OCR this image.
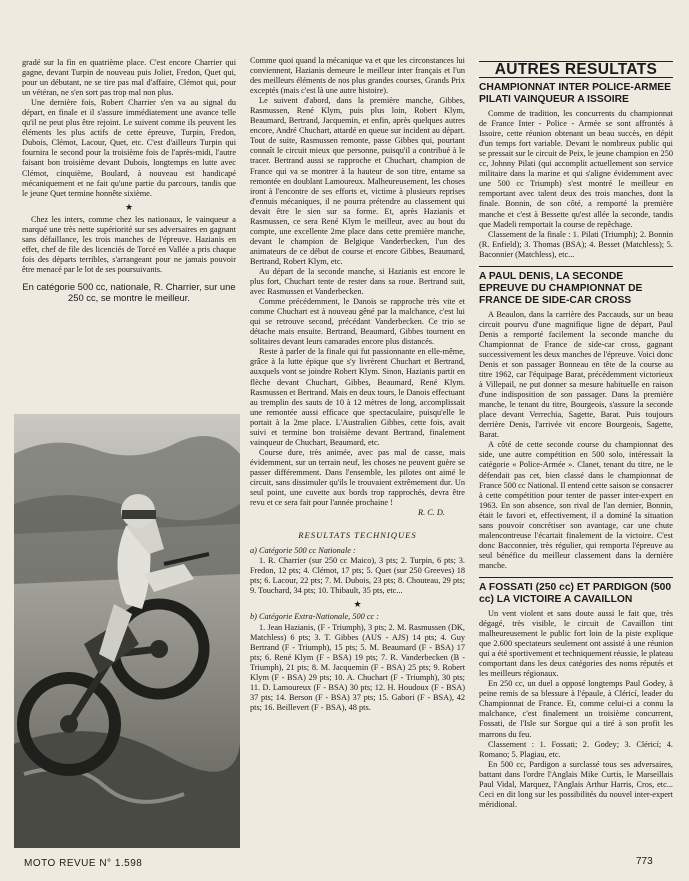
gradé sur la fin en quatrième place. C'est encore Charrier qui gagne, devant Turpin de nouveau puis Joliet, Fredon, Quet qui, pour un débutant, ne se tire pas mal d'affaire, Clémot qui, pour un vétéran, ne s'en sort pas trop mal non plus.

Une dernière fois, Robert Charrier s'en va au signal du départ, en finale et il s'assure immédiatement une avance telle qu'il ne peut plus être rejoint. Le suivent comme ils peuvent les éléments les plus actifs de cette épreuve, Turpin, Fredon, Dubois, Clémot, Lacour, Quet, etc. C'est d'ailleurs Turpin qui fournira le second pour la troisième fois de l'après-midi, l'autre faisant bon troisième devant Dubois, longtemps en lutte avec Clémot, cinquième, Boulard, à nouveau est handicapé mécaniquement et ne fait qu'une partie du parcours, tandis que le jeune Quet termine honnête sixième.

★

Chez les inters, comme chez les nationaux, le vainqueur a marqué une très nette supériorité sur ses adversaires en gagnant sans défaillance, les trois manches de l'épreuve. Hazianis en effet, chef de file des licenciés de Torcé en Vallée a pris chaque fois des départs terribles, s'arrangeant pour ne jamais pouvoir être menacé par le lot de ses poursuivants.

En catégorie 500 cc, nationale, R. Charrier, sur une 250 cc, se montre le meilleur.

Comme quoi quand la mécanique va et que les circonstances lui conviennent, Hazianis demeure le meilleur inter français et l'un des meilleurs éléments de nos plus grandes courses, Grands Prix exceptés (mais c'est là une autre histoire).

Le suivent d'abord, dans la première manche, Gibbes, Rasmussen, René Klym, puis plus loin, Robert Klym, Beaumard, Bertrand, Jacquemin, et enfin, après quelques autres encore, André Chuchart, attardé en queue sur incident au départ. Tout de suite, Rasmussen remonte, passe Gibbes qui, pourtant connaît le circuit mieux que personne, puisqu'il a contribué à le tracer. Bertrand aussi se rapproche et Chuchart, champion de France qui va se montrer à la hauteur de son titre, entame sa remontée en doublant Lamoureux. Malheureusement, les choses iront à l'encontre de ses efforts et, victime à plusieurs reprises d'ennuis mécaniques, il ne pourra prétendre au classement qui devait être le sien sur sa forme. Et, après Hazianis et Rasmussen, ce sera René Klym le meilleur, avec au bout du compte, une excellente 2me place dans cette première manche, devant le champion de Belgique Vanderbecken, l'un des animateurs de ce début de course et encore Gibbes, Beaumard, Bertrand, Robert Klym, etc.

Au départ de la seconde manche, si Hazianis est encore le plus fort, Chuchart tente de rester dans sa roue. Bertrand suit, avec Rasmussen et Vanderbecken.

Comme précédemment, le Danois se rapproche très vite et comme Chuchart est à nouveau gêné par la malchance, c'est lui qui se retrouve second, précédant Vanderbecken. Ce trio se détache mais ensuite. Bertrand, Beaumard, Gibbes tournent en solitaires devant leurs camarades encore plus distancés.

Reste à parler de la finale qui fut passionnante en elle-même, grâce à la lutte épique que s'y livrèrent Chuchart et Bertrand, auxquels vont se joindre Robert Klym. Sinon, Hazianis partit en flèche devant Chuchart, Gibbes, Beaumard, René Klym. Rasmussen et Bertrand. Mais en deux tours, le Danois effectuant au tremplin des sauts de 10 à 12 mètres de long, accomplissait une remontée aussi efficace que spectaculaire, puisqu'elle le portait à la 2me place. L'Australien Gibbes, cette fois, avait suivi et termine bon troisième devant Bertrand, finalement vainqueur de Chuchart, Beaumard, etc.

Course dure, très animée, avec pas mal de casse, mais évidemment, sur un terrain neuf, les choses ne peuvent guère se passer différemment. Dans l'ensemble, les pilotes ont aimé le circuit, sans dissimuler qu'ils le trouvaient extrêmement dur. Un seul point, une cuvette aux bords trop rapprochés, devra être revu et ce sera fait pour l'année prochaine !

R. C. D.
RESULTATS TECHNIQUES

a) Catégorie 500 cc Nationale :

1. R. Charrier (sur 250 cc Maico), 3 pts; 2. Turpin, 6 pts; 3. Fredon, 12 pts; 4. Clémot, 17 pts; 5. Quet (sur 250 Greeves) 18 pts; 6. Lacour, 22 pts; 7. M. Dubois, 23 pts; 8. Chouteau, 29 pts; 9. Touchard, 34 pts; 10. Thibault, 35 pts, etc...

★

b) Catégorie Extra-Nationale, 500 cc :

1. Jean Hazianis, (F - Triumph), 3 pts; 2. M. Rasmussen (DK, Matchless) 6 pts; 3. T. Gibbes (AUS - AJS) 14 pts; 4. Guy Bertrand (F - Triumph), 15 pts; 5. M. Beaumard (F - BSA) 17 pts; 6. René Klym (F - BSA) 19 pts; 7. R. Vanderbecken (B - Triumph), 21 pts; 8. M. Jacquemin (F - BSA) 25 pts; 9. Robert Klym (F - BSA) 29 pts; 10. A. Chuchart (F - Triumph), 30 pts; 11. D. Lamoureux (F - BSA) 30 pts; 12. H. Houdoux (F - BSA) 37 pts; 14. Berson (F - BSA) 37 pts; 15. Gabori (F - BSA), 42 pts; 16. Beillevert (F - BSA), 48 pts.

AUTRES RESULTATS
CHAMPIONNAT INTER POLICE-ARMEE PILATI VAINQUEUR A ISSOIRE

Comme de tradition, les concurrents du championnat de France Inter - Police - Armée se sont affrontés à Issoire, cette réunion obtenant un beau succès, en dépit d'un temps fort variable. Devant le nombreux public qui se pressait sur le circuit de Peix, le jeune champion en 250 cc, Johnny Pilati (qui accomplit actuellement son service militaire dans la marine et qui s'aligne évidemment avec une 500 cc Triumph) s'est montré le meilleur en remportant avec talent deux des trois manches, dont la finale. Bonnin, de son côté, a remporté la première manche et c'est à Bessette qu'est allée la seconde, tandis que Madeli remportait la course de repêchage.

Classement de la finale : 1. Pilati (Triumph); 2. Bonnin (R. Enfield); 3. Thomas (BSA); 4. Besset (Matchless); 5. Baconnier (Matchless), etc...

A PAUL DENIS, LA SECONDE EPREUVE DU CHAMPIONNAT DE FRANCE DE SIDE-CAR CROSS

A Beaulon, dans la carrière des Paccauds, sur un beau circuit pourvu d'une magnifique ligne de départ, Paul Denis a remporté facilement la seconde manche du Championnat de France de side-car cross, gagnant successivement les deux manches de l'épreuve. Voici donc Denis et son passager Bonneau en tête de la course au titre 1962, car l'équipage Barat, précédemment victorieux à Villepail, ne put donner sa mesure habituelle en raison d'une indisposition de son passager. Dans la première manche, le tenant du titre, Bourgeois, s'assure la seconde place devant Verrechia, Sagette, Barat. Puis toujours derrière Denis, l'arrivée vit encore Bourgeois, Sagette, Barat.

A côté de cette seconde course du championnat des side, une autre compétition en 500 solo, intéressait la catégorie « Police-Armée ». Clanet, tenant du titre, ne le défendait pas cet, bien classé dans le championnat de France 500 cc National. Il entend cette saison se consacrer à cette compétition pour tenter de passer inter-expert en 1963. En son absence, son rival de l'an dernier, Bonnin, était le favori et, effectivement, il a dominé la situation sans pouvoir concrétiser son avantage, car une chute malencontreuse l'écartait finalement de la victoire. C'est donc Bacconnier, très régulier, qui remporta l'épreuve au seul bénéfice du meilleur classement dans la dernière manche.

A FOSSATI (250 cc) ET PARDIGON (500 cc) LA VICTOIRE A CAVAILLON

Un vent violent et sans doute aussi le fait que, très dégagé, très visible, le circuit de Cavaillon tint malheureusement le public fort loin de la piste explique que 2.600 spectateurs seulement ont assisté à une réunion qui a été sportivement et techniquement réussie, le plateau comportant dans les deux catégories des noms réputés et les meilleurs régionaux.

En 250 cc, un duel a opposé longtemps Paul Godey, à peine remis de sa blessure à l'épaule, à Cléricí, leader du Championnat de France. Et, comme celui-ci a connu la malchance, c'est finalement un troisième concurrent, Fossati, de l'Isle sur Sorgue qui a tiré à son profit les marrons du feu.

Classement : 1. Fossati; 2. Godey; 3. Cléricí; 4. Romano; 5. Plagiau, etc.

En 500 cc, Pardigon a surclassé tous ses adversaires, battant dans l'ordre l'Anglais Mike Curtis, le Marseillais Paul Vidal, Marquez, l'Anglais Arthur Harris, Cros, etc... Ceci en dit long sur les possibilités du nouvel inter-expert méridional.

MOTO REVUE N° 1.598	773
